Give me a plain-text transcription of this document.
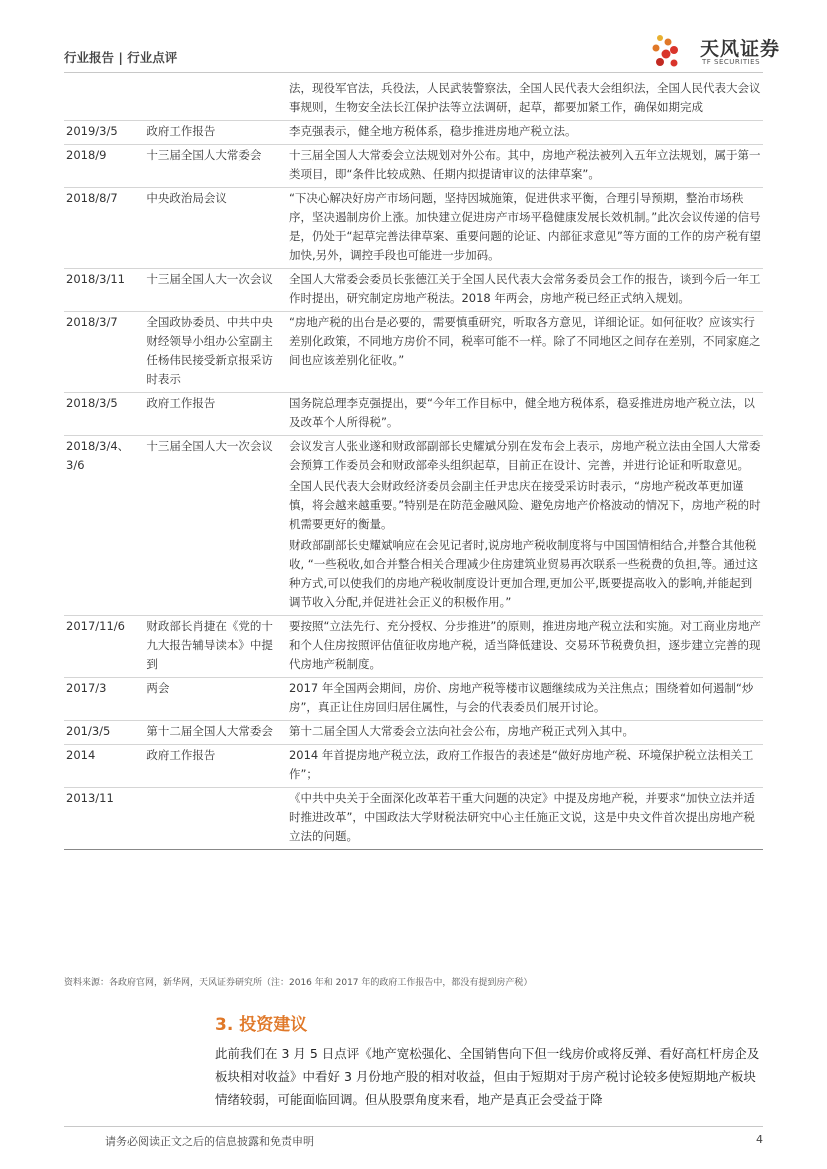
行业报告 | 行业点评	天风证券
TF SECURITIES

		法，现役军官法，兵役法，人民武装警察法，全国人民代表大会组织法，全国人民代表大会议事规则，生物安全法长江保护法等立法调研，起草，都要加紧工作，确保如期完成

2019/3/5	政府工作报告	李克强表示，健全地方税体系，稳步推进房地产税立法。

2018/9	十三届全国人大常委会	十三届全国人大常委会立法规划对外公布。其中，房地产税法被列入五年立法规划，属于第一类项目，即“条件比较成熟、任期内拟提请审议的法律草案”。

2018/8/7	中央政治局会议	“下决心解决好房产市场问题，坚持因城施策，促进供求平衡，合理引导预期，整治市场秩序，坚决遏制房价上涨。加快建立促进房产市场平稳健康发展长效机制。”此次会议传递的信号是，仍处于“起草完善法律草案、重要问题的论证、内部征求意见”等方面的工作的房产税有望加快,另外，调控手段也可能进一步加码。

2018/3/11	十三届全国人大一次会议	全国人大常委会委员长张德江关于全国人民代表大会常务委员会工作的报告，谈到今后一年工作时提出，研究制定房地产税法。2018 年两会，房地产税已经正式纳入规划。

2018/3/7	全国政协委员、中共中央财经领导小组办公室副主任杨伟民接受新京报采访时表示	“房地产税的出台是必要的，需要慎重研究，听取各方意见，详细论证。如何征收？应该实行差别化政策，不同地方房价不同，税率可能不一样。除了不同地区之间存在差别，不同家庭之间也应该差别化征收。”

2018/3/5	政府工作报告	国务院总理李克强提出，要“今年工作目标中，健全地方税体系，稳妥推进房地产税立法，以及改革个人所得税”。

2018/3/4、3/6	十三届全国人大一次会议	会议发言人张业遂和财政部副部长史耀斌分别在发布会上表示，房地产税立法由全国人大常委会预算工作委员会和财政部牵头组织起草，目前正在设计、完善，并进行论证和听取意见。

全国人民代表大会财政经济委员会副主任尹忠庆在接受采访时表示，“房地产税改革更加谨慎，将会越来越重要。”特别是在防范金融风险、避免房地产价格波动的情况下，房地产税的时机需要更好的衡量。

财政部副部长史耀斌响应在会见记者时,说房地产税收制度将与中国国情相结合,并整合其他税收, “一些税收,如合并整合相关合理减少住房建筑业贸易再次联系一些税费的负担,等。通过这种方式,可以使我们的房地产税收制度设计更加合理,更加公平,既要提高收入的影响,并能起到调节收入分配,并促进社会正义的积极作用。”

2017/11/6	财政部长肖捷在《党的十九大报告辅导读本》中提到	要按照“立法先行、充分授权、分步推进”的原则，推进房地产税立法和实施。对工商业房地产和个人住房按照评估值征收房地产税，适当降低建设、交易环节税费负担，逐步建立完善的现代房地产税制度。

2017/3	两会	2017 年全国两会期间，房价、房地产税等楼市议题继续成为关注焦点；围绕着如何遏制“炒房”，真正让住房回归居住属性，与会的代表委员们展开讨论。

201/3/5	第十二届全国人大常委会	第十二届全国人大常委会立法向社会公布，房地产税正式列入其中。

2014	政府工作报告	2014 年首提房地产税立法，政府工作报告的表述是“做好房地产税、环境保护税立法相关工作”；

2013/11		《中共中央关于全面深化改革若干重大问题的决定》中提及房地产税，并要求“加快立法并适时推进改革”，中国政法大学财税法研究中心主任施正文说，这是中央文件首次提出房地产税立法的问题。

资料来源：各政府官网，新华网，天风证券研究所（注：2016 年和 2017 年的政府工作报告中，都没有提到房产税）
3. 投资建议
此前我们在 3 月 5 日点评《地产宽松强化、全国销售向下但一线房价或将反弹、看好高杠杆房企及板块相对收益》中看好 3 月份地产股的相对收益，但由于短期对于房产税讨论较多使短期地产板块情绪较弱，可能面临回调。但从股票角度来看，地产是真正会受益于降
请务必阅读正文之后的信息披露和免责申明	4
